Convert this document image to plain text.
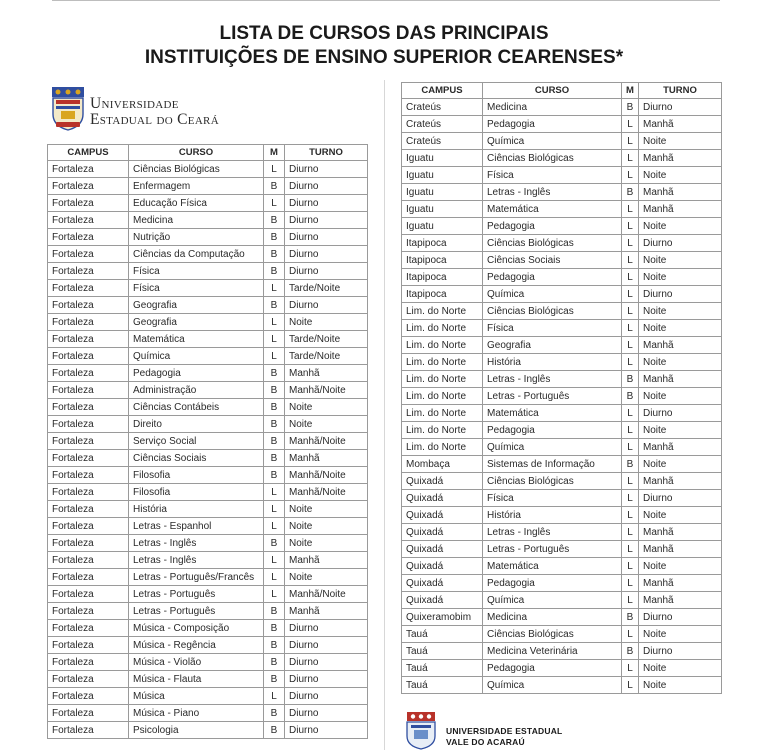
LISTA DE CURSOS DAS PRINCIPAIS
INSTITUIÇÕES DE ENSINO SUPERIOR CEARENSES*
Universidade
Estadual do Ceará
CAMPUS	CURSO	M	TURNO
Fortaleza	Ciências Biológicas	L	Diurno
Fortaleza	Enfermagem	B	Diurno
Fortaleza	Educação Física	L	Diurno
Fortaleza	Medicina	B	Diurno
Fortaleza	Nutrição	B	Diurno
Fortaleza	Ciências da Computação	B	Diurno
Fortaleza	Física	B	Diurno
Fortaleza	Física	L	Tarde/Noite
Fortaleza	Geografia	B	Diurno
Fortaleza	Geografia	L	Noite
Fortaleza	Matemática	L	Tarde/Noite
Fortaleza	Química	L	Tarde/Noite
Fortaleza	Pedagogia	B	Manhã
Fortaleza	Administração	B	Manhã/Noite
Fortaleza	Ciências Contábeis	B	Noite
Fortaleza	Direito	B	Noite
Fortaleza	Serviço Social	B	Manhã/Noite
Fortaleza	Ciências Sociais	B	Manhã
Fortaleza	Filosofia	B	Manhã/Noite
Fortaleza	Filosofia	L	Manhã/Noite
Fortaleza	História	L	Noite
Fortaleza	Letras - Espanhol	L	Noite
Fortaleza	Letras - Inglês	B	Noite
Fortaleza	Letras - Inglês	L	Manhã
Fortaleza	Letras - Português/Francês	L	Noite
Fortaleza	Letras - Português	L	Manhã/Noite
Fortaleza	Letras - Português	B	Manhã
Fortaleza	Música - Composição	B	Diurno
Fortaleza	Música - Regência	B	Diurno
Fortaleza	Música - Violão	B	Diurno
Fortaleza	Música - Flauta	B	Diurno
Fortaleza	Música	L	Diurno
Fortaleza	Música - Piano	B	Diurno
Fortaleza	Psicologia	B	Diurno
CAMPUS	CURSO	M	TURNO
Crateús	Medicina	B	Diurno
Crateús	Pedagogia	L	Manhã
Crateús	Química	L	Noite
Iguatu	Ciências Biológicas	L	Manhã
Iguatu	Física	L	Noite
Iguatu	Letras - Inglês	B	Manhã
Iguatu	Matemática	L	Manhã
Iguatu	Pedagogia	L	Noite
Itapipoca	Ciências Biológicas	L	Diurno
Itapipoca	Ciências Sociais	L	Noite
Itapipoca	Pedagogia	L	Noite
Itapipoca	Química	L	Diurno
Lim. do Norte	Ciências Biológicas	L	Noite
Lim. do Norte	Física	L	Noite
Lim. do Norte	Geografia	L	Manhã
Lim. do Norte	História	L	Noite
Lim. do Norte	Letras - Inglês	B	Manhã
Lim. do Norte	Letras - Português	B	Noite
Lim. do Norte	Matemática	L	Diurno
Lim. do Norte	Pedagogia	L	Noite
Lim. do Norte	Química	L	Manhã
Mombaça	Sistemas de Informação	B	Noite
Quixadá	Ciências Biológicas	L	Manhã
Quixadá	Física	L	Diurno
Quixadá	História	L	Noite
Quixadá	Letras - Inglês	L	Manhã
Quixadá	Letras - Português	L	Manhã
Quixadá	Matemática	L	Noite
Quixadá	Pedagogia	L	Manhã
Quixadá	Química	L	Manhã
Quixeramobim	Medicina	B	Diurno
Tauá	Ciências Biológicas	L	Noite
Tauá	Medicina Veterinária	B	Diurno
Tauá	Pedagogia	L	Noite
Tauá	Química	L	Noite
UNIVERSIDADE ESTADUAL
VALE DO ACARAÚ
